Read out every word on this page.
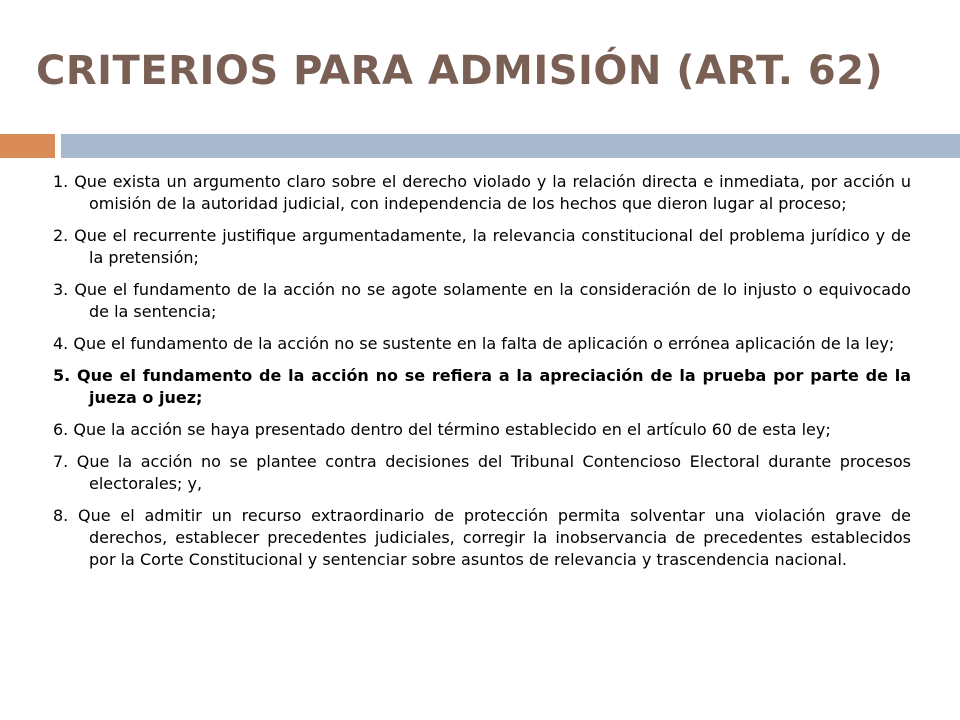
CRITERIOS PARA ADMISIÓN (ART. 62)
1. Que exista un argumento claro sobre el derecho violado y la relación directa e inmediata, por acción u omisión de la autoridad judicial, con independencia de los hechos que dieron lugar al proceso;
2. Que el recurrente justifique argumentadamente, la relevancia constitucional del problema jurídico y de la pretensión;
3. Que el fundamento de la acción no se agote solamente en la consideración de lo injusto o equivocado de la sentencia;
4. Que el fundamento de la acción no se sustente en la falta de aplicación o errónea aplicación de la ley;
5. Que el fundamento de la acción no se refiera a la apreciación de la prueba por parte de la jueza o juez;
6. Que la acción se haya presentado dentro del término establecido en el artículo 60 de esta ley;
7. Que la acción no se plantee contra decisiones del Tribunal Contencioso Electoral durante procesos electorales; y,
8. Que el admitir un recurso extraordinario de protección permita solventar una violación grave de derechos, establecer precedentes judiciales, corregir la inobservancia de precedentes establecidos por la Corte Constitucional y sentenciar sobre asuntos de relevancia y trascendencia nacional.
